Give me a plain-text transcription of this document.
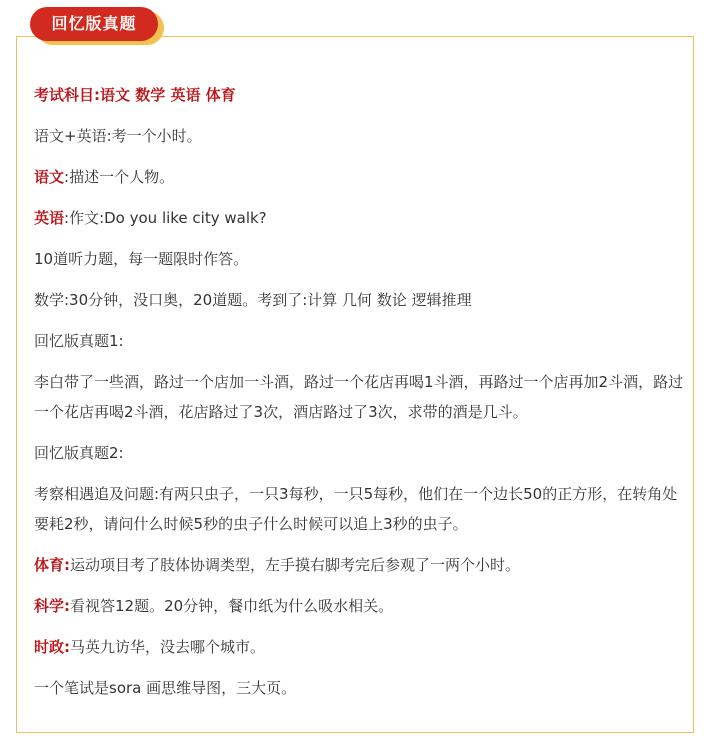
回忆版真题
考试科目:语文 数学 英语 体育
语文+英语:考一个小时。
语文:描述一个人物。
英语:作文:Do you like city walk?
10道听力题，每一题限时作答。
数学:30分钟，没口奥，20道题。考到了:计算 几何 数论 逻辑推理
回忆版真题1:
李白带了一些酒，路过一个店加一斗酒，路过一个花店再喝1斗酒，再路过一个店再加2斗酒，路过一个花店再喝2斗酒，花店路过了3次，酒店路过了3次，求带的酒是几斗。
回忆版真题2:
考察相遇追及问题:有两只虫子，一只3每秒，一只5每秒，他们在一个边长50的正方形，在转角处要耗2秒，请问什么时候5秒的虫子什么时候可以追上3秒的虫子。
体育:运动项目考了肢体协调类型，左手摸右脚考完后参观了一两个小时。
科学:看视答12题。20分钟，餐巾纸为什么吸水相关。
时政:马英九访华，没去哪个城市。
一个笔试是sora 画思维导图，三大页。
